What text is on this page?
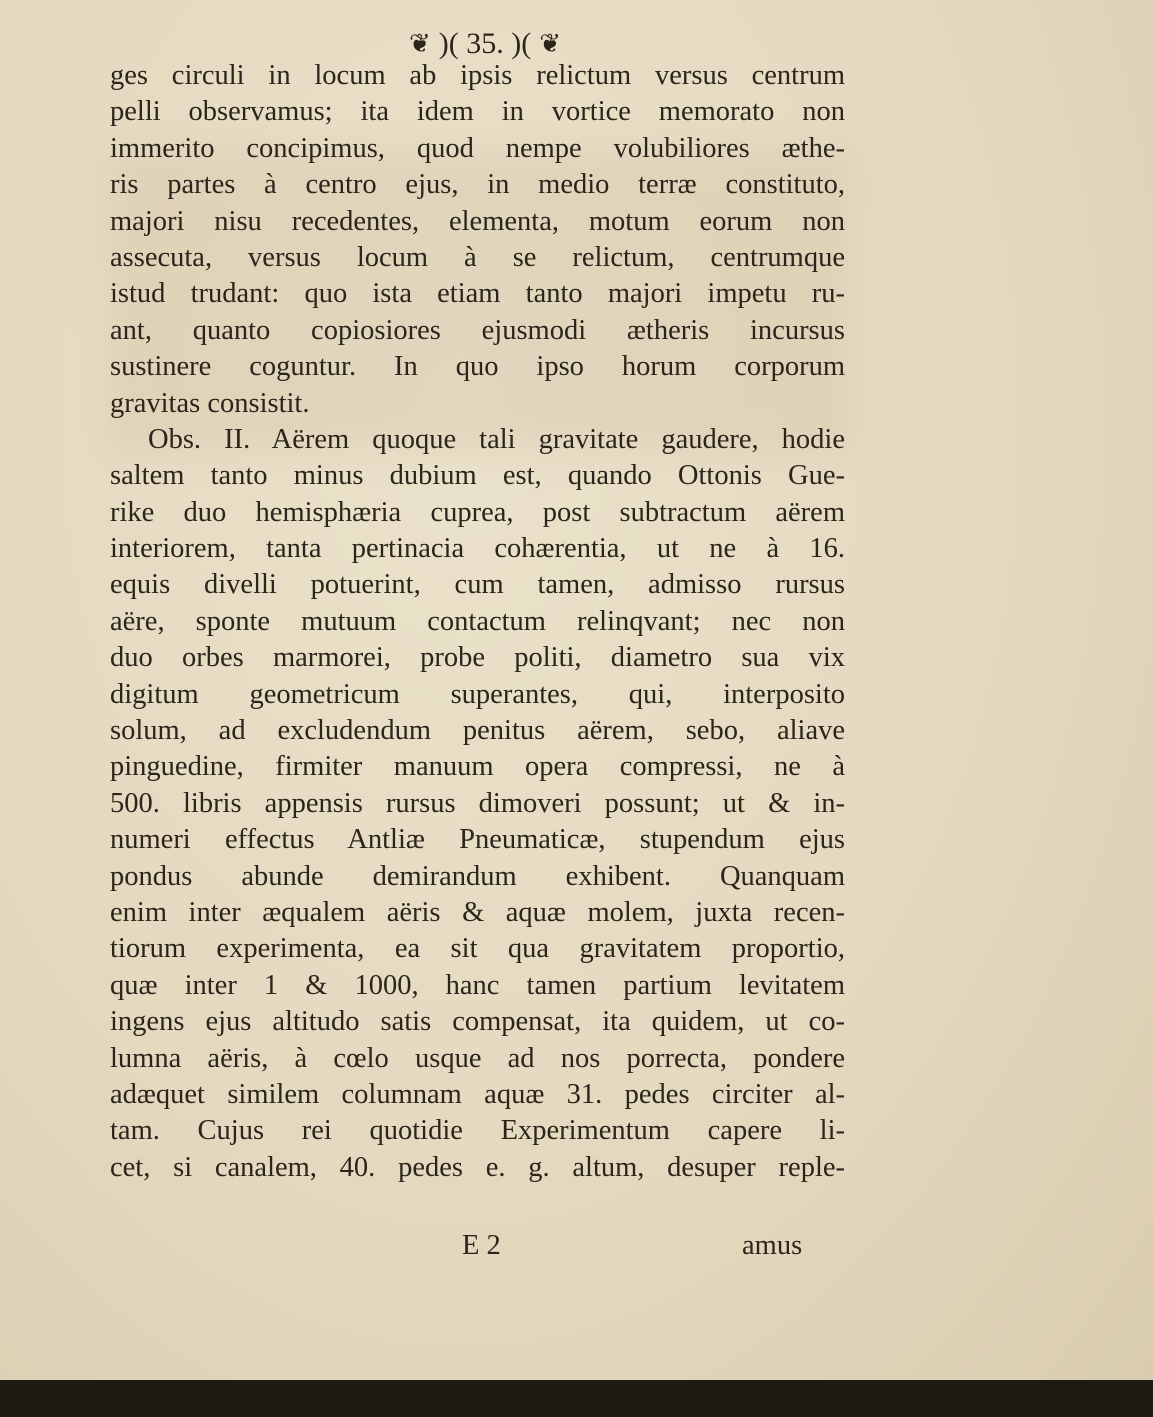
❦ )( 35. )( ❦
ges circuli in locum ab ipsis relictum versus centrum
pelli observamus; ita idem in vortice memorato non
immerito concipimus, quod nempe volubiliores æthe-
ris partes à centro ejus, in medio terræ constituto,
majori nisu recedentes, elementa, motum eorum non
assecuta, versus locum à se relictum, centrumque
istud trudant: quo ista etiam tanto majori impetu ru-
ant, quanto copiosiores ejusmodi ætheris incursus
sustinere coguntur. In quo ipso horum corporum
gravitas consistit.
Obs. II. Aërem quoque tali gravitate gaudere, hodie
saltem tanto minus dubium est, quando Ottonis Gue-
rike duo hemisphæria cuprea, post subtractum aërem
interiorem, tanta pertinacia cohærentia, ut ne à 16.
equis divelli potuerint, cum tamen, admisso rursus
aëre, sponte mutuum contactum relinqvant; nec non
duo orbes marmorei, probe politi, diametro sua vix
digitum geometricum superantes, qui, interposito
solum, ad excludendum penitus aërem, sebo, aliave
pinguedine, firmiter manuum opera compressi, ne à
500. libris appensis rursus dimoveri possunt; ut & in-
numeri effectus Antliæ Pneumaticæ, stupendum ejus
pondus abunde demirandum exhibent. Quanquam
enim inter æqualem aëris & aquæ molem, juxta recen-
tiorum experimenta, ea sit qua gravitatem proportio,
quæ inter 1 & 1000, hanc tamen partium levitatem
ingens ejus altitudo satis compensat, ita quidem, ut co-
lumna aëris, à cœlo usque ad nos porrecta, pondere
adæquet similem columnam aquæ 31. pedes circiter al-
tam. Cujus rei quotidie Experimentum capere li-
cet, si canalem, 40. pedes e. g. altum, desuper reple-
E 2	amus
